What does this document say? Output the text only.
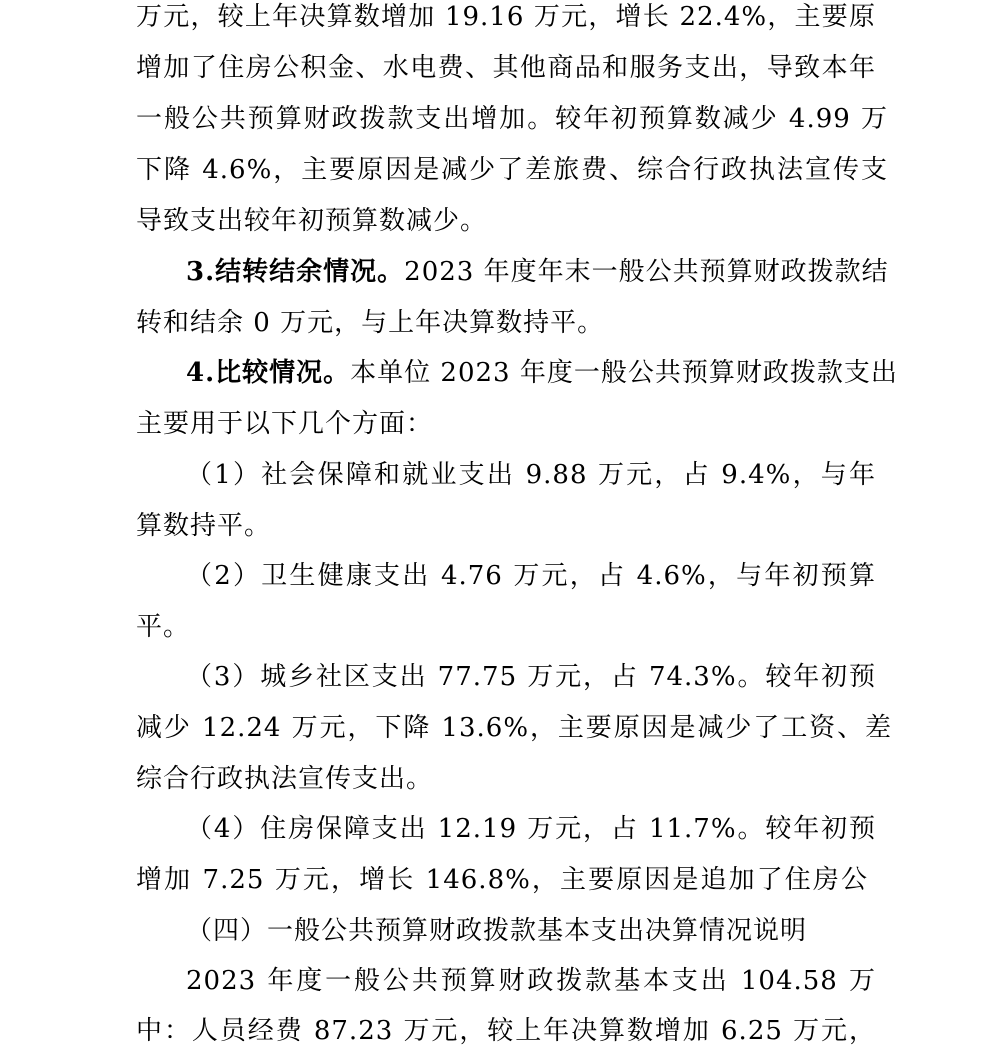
万元，较上年决算数增加 19.16 万元，增长 22.4%，主要原
增加了住房公积金、水电费、其他商品和服务支出，导致本年
一般公共预算财政拨款支出增加。较年初预算数减少 4.99 万
下降 4.6%，主要原因是减少了差旅费、综合行政执法宣传支
导致支出较年初预算数减少。
3.结转结余情况。2023 年度年末一般公共预算财政拨款结
转和结余 0 万元，与上年决算数持平。
4.比较情况。本单位 2023 年度一般公共预算财政拨款支出
主要用于以下几个方面：
（1）社会保障和就业支出 9.88 万元，占 9.4%，与年
算数持平。
（2）卫生健康支出 4.76 万元，占 4.6%，与年初预算
平。
（3）城乡社区支出 77.75 万元，占 74.3%。较年初预
减少 12.24 万元，下降 13.6%，主要原因是减少了工资、差
综合行政执法宣传支出。
（4）住房保障支出 12.19 万元，占 11.7%。较年初预
增加 7.25 万元，增长 146.8%，主要原因是追加了住房公
（四）一般公共预算财政拨款基本支出决算情况说明
2023 年度一般公共预算财政拨款基本支出 104.58 万
中：人员经费 87.23 万元，较上年决算数增加 6.25 万元，
